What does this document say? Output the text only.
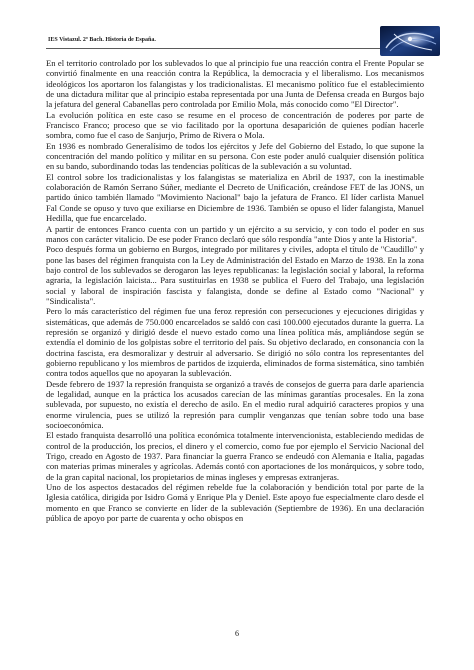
IES Vistazul. 2º Bach. Historia de España.

En el territorio controlado por los sublevados lo que al principio fue una reacción contra el Frente Popular se convirtió finalmente en una reacción contra la República, la democracia y el liberalismo. Los mecanismos ideológicos los aportaron los falangistas y los tradicionalistas. El mecanismo político fue el establecimiento de una dictadura militar que al principio estaba representada por una Junta de Defensa creada en Burgos bajo la jefatura del general Cabanellas pero controlada por Emilio Mola, más conocido como "El Director".

La evolución política en este caso se resume en el proceso de concentración de poderes por parte de Francisco Franco; proceso que se vio facilitado por la oportuna desaparición de quienes podían hacerle sombra, como fue el caso de Sanjurjo, Primo de Rivera o Mola.

En 1936 es nombrado Generalísimo de todos los ejércitos y Jefe del Gobierno del Estado, lo que supone la concentración del mando político y militar en su persona. Con este poder anuló cualquier disensión política en su bando, subordinando todas las tendencias políticas de la sublevación a su voluntad.

El control sobre los tradicionalistas y los falangistas se materializa en Abril de 1937, con la inestimable colaboración de Ramón Serrano Súñer, mediante el Decreto de Unificación, creándose FET de las JONS, un partido único también llamado "Movimiento Nacional" bajo la jefatura de Franco. El líder carlista Manuel Fal Conde se opuso y tuvo que exiliarse en Diciembre de 1936. También se opuso el líder falangista, Manuel Hedilla, que fue encarcelado.

A partir de entonces Franco cuenta con un partido y un ejército a su servicio, y con todo el poder en sus manos con carácter vitalicio. De ese poder Franco declaró que sólo respondía "ante Dios y ante la Historia".

Poco después forma un gobierno en Burgos, integrado por militares y civiles, adopta el título de "Caudillo" y pone las bases del régimen franquista con la Ley de Administración del Estado en Marzo de 1938. En la zona bajo control de los sublevados se derogaron las leyes republicanas: la legislación social y laboral, la reforma agraria, la legislación laicista... Para sustituirlas en 1938 se publica el Fuero del Trabajo, una legislación social y laboral de inspiración fascista y falangista, donde se define al Estado como "Nacional" y "Sindicalista".

Pero lo más característico del régimen fue una feroz represión con persecuciones y ejecuciones dirigidas y sistemáticas, que además de 750.000 encarcelados se saldó con casi 100.000 ejecutados durante la guerra. La represión se organizó y dirigió desde el nuevo estado como una línea política más, ampliándose según se extendía el dominio de los golpistas sobre el territorio del país. Su objetivo declarado, en consonancia con la doctrina fascista, era desmoralizar y destruir al adversario. Se dirigió no sólo contra los representantes del gobierno republicano y los miembros de partidos de izquierda, eliminados de forma sistemática, sino también contra todos aquellos que no apoyaran la sublevación.

Desde febrero de 1937 la represión franquista se organizó a través de consejos de guerra para darle apariencia de legalidad, aunque en la práctica los acusados carecían de las mínimas garantías procesales. En la zona sublevada, por supuesto, no existía el derecho de asilo. En el medio rural adquirió caracteres propios y una enorme virulencia, pues se utilizó la represión para cumplir venganzas que tenían sobre todo una base socioeconómica.

El estado franquista desarrolló una política económica totalmente intervencionista, estableciendo medidas de control de la producción, los precios, el dinero y el comercio, como fue por ejemplo el Servicio Nacional del Trigo, creado en Agosto de 1937. Para financiar la guerra Franco se endeudó con Alemania e Italia, pagadas con materias primas minerales y agrícolas. Además contó con aportaciones de los monárquicos, y sobre todo, de la gran capital nacional, los propietarios de minas ingleses y empresas extranjeras.

Uno de los aspectos destacados del régimen rebelde fue la colaboración y bendición total por parte de la Iglesia católica, dirigida por Isidro Gomá y Enrique Pla y Deniel. Este apoyo fue especialmente claro desde el momento en que Franco se convierte en líder de la sublevación (Septiembre de 1936). En una declaración pública de apoyo por parte de cuarenta y ocho obispos en

6
